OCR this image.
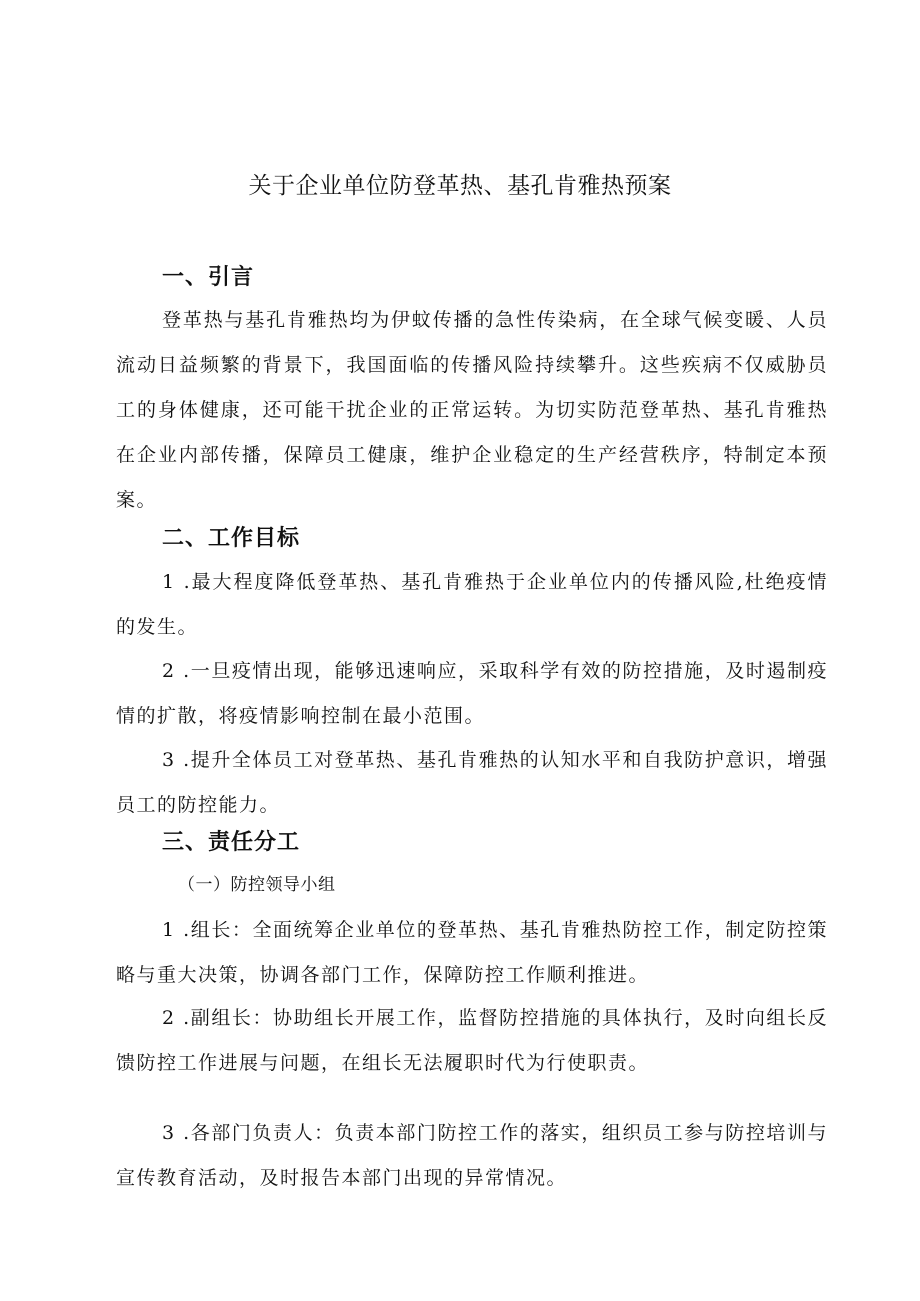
关于企业单位防登革热、基孔肯雅热预案
一、引言

登革热与基孔肯雅热均为伊蚊传播的急性传染病，在全球气候变暖、人员流动日益频繁的背景下，我国面临的传播风险持续攀升。这些疾病不仅威胁员工的身体健康，还可能干扰企业的正常运转。为切实防范登革热、基孔肯雅热在企业内部传播，保障员工健康，维护企业稳定的生产经营秩序，特制定本预案。

二、工作目标

1 .最大程度降低登革热、基孔肯雅热于企业单位内的传播风险,杜绝疫情的发生。

2 .一旦疫情出现，能够迅速响应，采取科学有效的防控措施，及时遏制疫情的扩散，将疫情影响控制在最小范围。

3 .提升全体员工对登革热、基孔肯雅热的认知水平和自我防护意识，增强员工的防控能力。

三、责任分工
（一）防控领导小组

1 .组长：全面统筹企业单位的登革热、基孔肯雅热防控工作，制定防控策略与重大决策，协调各部门工作，保障防控工作顺利推进。

2 .副组长：协助组长开展工作，监督防控措施的具体执行，及时向组长反馈防控工作进展与问题，在组长无法履职时代为行使职责。

3 .各部门负责人：负责本部门防控工作的落实，组织员工参与防控培训与宣传教育活动，及时报告本部门出现的异常情况。
